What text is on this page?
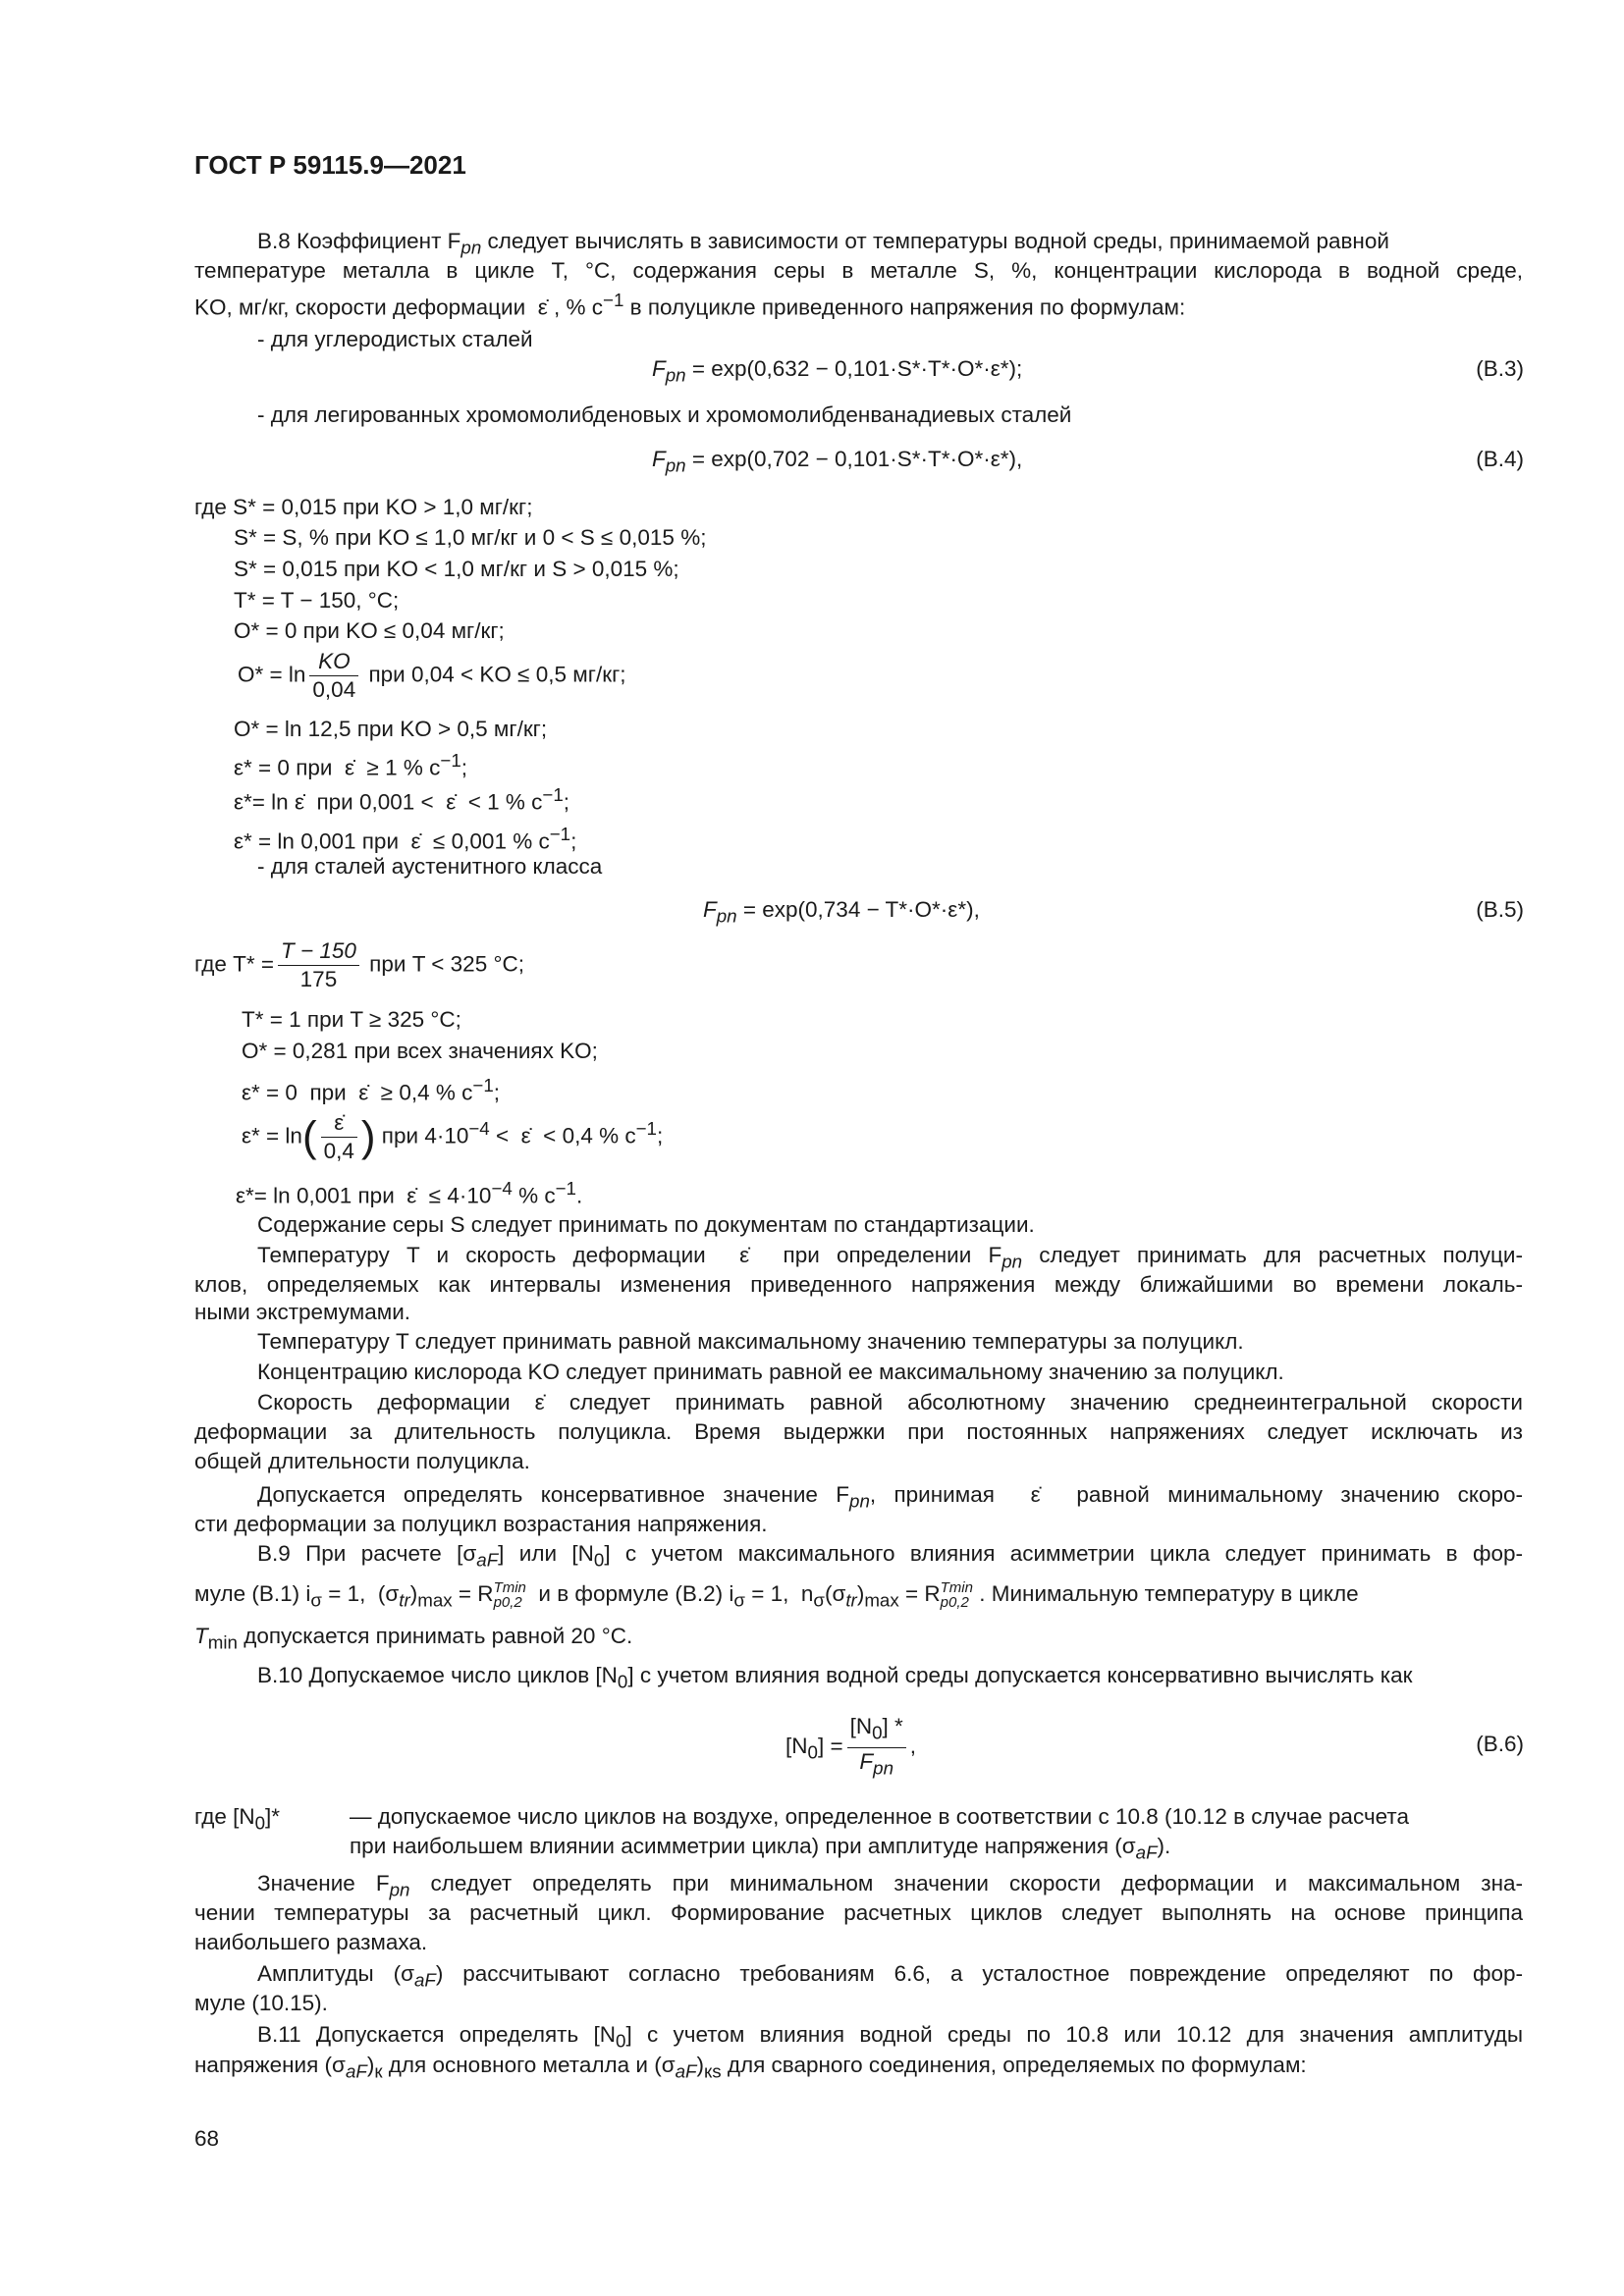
ГОСТ Р 59115.9—2021
В.8 Коэффициент $F_{pn}$ следует вычислять в зависимости от температуры водной среды, принимаемой равной
температуре металла в цикле T, °С, содержания серы в металле S, %, концентрации кислорода в водной среде,
KO, мг/кг, скорости деформации  ε̇ , % $с^{-1}$ в полуцикле приведенного напряжения по формулам:
- для углеродистых сталей
$F_{pn} = \exp(0,632 - 0,101\cdot S*\cdot T*\cdot O*\cdot\varepsilon*)$;	(В.3)
- для легированных хромомолибденовых и хромомолибденванадиевых сталей
$F_{pn} = \exp(0,702 - 0,101\cdot S*\cdot T*\cdot O*\cdot\varepsilon*)$,	(В.4)
где S* = 0,015 при KO > 1,0 мг/кг;
S* = S, % при KO ≤ 1,0 мг/кг и 0 < S ≤ 0,015 %;
S* = 0,015 при KO < 1,0 мг/кг и S > 0,015 %;
T* = T − 150, °С;
O* = 0 при KO ≤ 0,04 мг/кг;
$O* = \ln \frac{KO}{0,04}$ при 0,04 < KO ≤ 0,5 мг/кг;
O* = ln 12,5 при KO > 0,5 мг/кг;
ε* = 0 при  ε̇  ≥ 1 % $с^{-1}$;
ε*= ln ε̇  при 0,001 <  ε̇  < 1 % $с^{-1}$;
ε* = ln 0,001 при  ε̇  ≤ 0,001 % $с^{-1}$;
- для сталей аустенитного класса
$F_{pn} = \exp(0,734 - T*\cdot O*\cdot\varepsilon*)$,	(В.5)
где $T* = \frac{T - 150}{175}$ при T < 325 °С;
T* = 1 при T ≥ 325 °С;
O* = 0,281 при всех значениях KO;
ε* = 0  при  ε̇  ≥ 0,4 % $с^{-1}$;
$\varepsilon* = \ln( \frac{\varepsiloṅ}{0,4}$ ) при $4\cdot 10^{-4}$ <  ε̇  < 0,4 % $с^{-1}$;
ε*= ln 0,001 при  ε̇  ≤ $4\cdot 10^{-4}$ % $с^{-1}$.
Содержание серы S следует принимать по документам по стандартизации.
Температуру T и скорость деформации  ε̇  при определении $F_{pn}$ следует принимать для расчетных полуци-
клов, определяемых как интервалы изменения приведенного напряжения между ближайшими во времени локаль-
ными экстремумами.
Температуру T следует принимать равной максимальному значению температуры за полуцикл.
Концентрацию кислорода KO следует принимать равной ее максимальному значению за полуцикл.
Скорость деформации ε̇ следует принимать равной абсолютному значению среднеинтегральной скорости
деформации за длительность полуцикла. Время выдержки при постоянных напряжениях следует исключать из
общей длительности полуцикла.
Допускается определять консервативное значение $F_{pn}$, принимая  ε̇  равной минимальному значению скоро-
сти деформации за полуцикл возрастания напряжения.
В.9 При расчете $[\sigma_{aF}]$ или $[N_0]$ с учетом максимального влияния асимметрии цикла следует принимать в фор-
муле (В.1) $i_\sigma = 1$,  $(\sigma_{tr})_{max} = RTmin$
p0,2  и в формуле (В.2) $i_\sigma = 1$,  $n_\sigma(\sigma_{tr})_{max} = RTmin$
p0,2 . Минимальную температуру в цикле
$T_{min}$ допускается принимать равной 20 °С.
В.10 Допускаемое число циклов $[N_0]$ с учетом влияния водной среды допускается консервативно вычислять как
$[N_0] = \frac{[N_0] *}{F_{pn}}$ ,	(В.6)
где $[N_0]*$	— допускаемое число циклов на воздухе, определенное в соответствии с 10.8 (10.12 в случае расчета
при наибольшем влиянии асимметрии цикла) при амплитуде напряжения $(\sigma_{aF})$.
Значение $F_{pn}$ следует определять при минимальном значении скорости деформации и максимальном зна-
чении температуры за расчетный цикл. Формирование расчетных циклов следует выполнять на основе принципа
наибольшего размаха.
Амплитуды $(\sigma_{aF})$ рассчитывают согласно требованиям 6.6, а усталостное повреждение определяют по фор-
муле (10.15).
В.11 Допускается определять $[N_0]$ с учетом влияния водной среды по 10.8 или 10.12 для значения амплитуды
напряжения $(\sigma_{aF})_к$ для основного металла и $(\sigma_{aF})_{кs}$ для сварного соединения, определяемых по формулам:
68
